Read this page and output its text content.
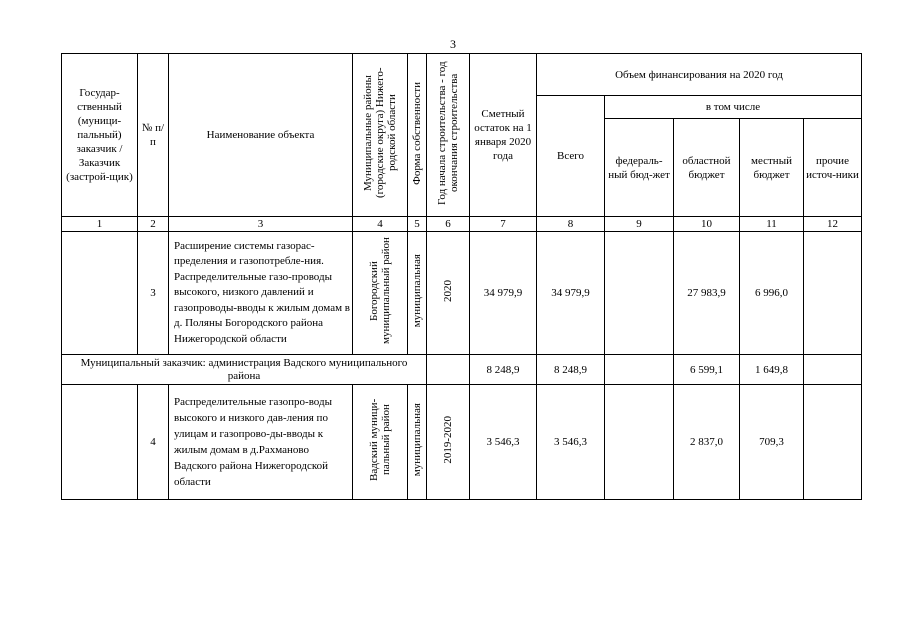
3
Государ-ственный (муници-пальный) заказчик / Заказчик (застрой-щик)	№ п/п	Наименование объекта	Муниципальные районы (городские округа) Нижего-родской области	Форма собственности	Год начала строительства - год окончания строительства	Сметный остаток на 1 января 2020 года	Объем финансирования на 2020 год				
							Всего	в том числе			
								федераль-ный бюд-жет	областной бюджет	местный бюджет	прочие источ-ники
1	2	3	4	5	6	7	8	9	10	11	12
	3	Расширение системы газорас-пределения и газопотребле-ния. Распределительные газо-проводы высокого, низкого давлений и газопроводы-вводы к жилым домам в д. Поляны Богородского района Нижегородской области	Богородский муниципальный район	муниципальная	2020	34 979,9	34 979,9		27 983,9	6 996,0	
Муниципальный заказчик: администрация Вадского муниципального района						8 248,9	8 248,9		6 599,1	1 649,8	
	4	Распределительные газопро-воды высокого и низкого дав-ления по улицам и газопрово-ды-вводы к жилым домам в д.Рахманово Вадского района Нижегородской области	Вадский муници-пальный район	муниципальная	2019-2020	3 546,3	3 546,3		2 837,0	709,3	
